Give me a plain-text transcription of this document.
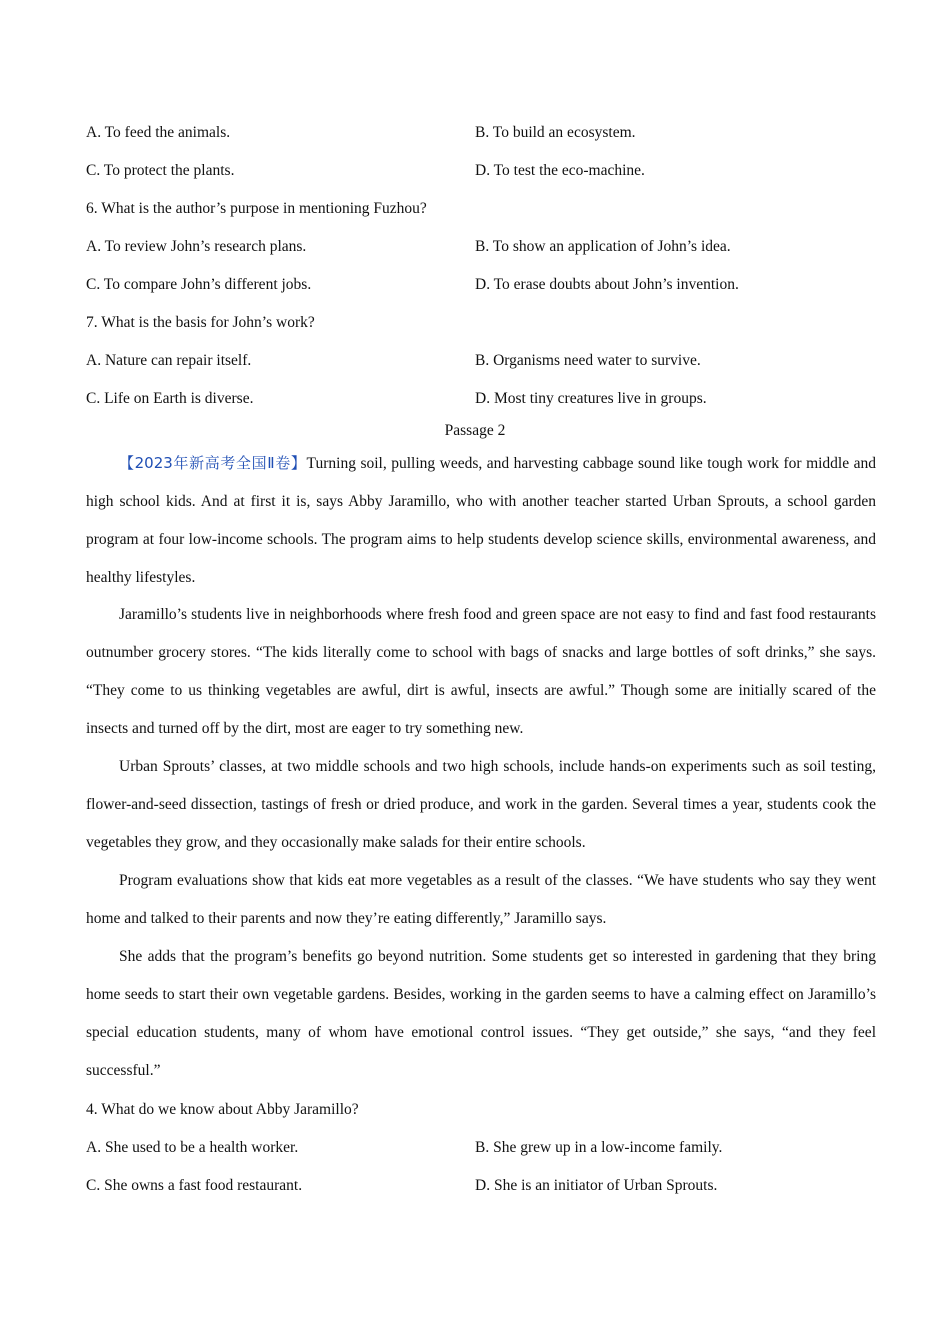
A. To feed the animals.	B. To build an ecosystem.
C. To protect the plants.	D. To test the eco-machine.
6. What is the author’s purpose in mentioning Fuzhou?
A. To review John’s research plans.	B. To show an application of John’s idea.
C. To compare John’s different jobs.	D. To erase doubts about John’s invention.
7. What is the basis for John’s work?
A. Nature can repair itself.	B. Organisms need water to survive.
C. Life on Earth is diverse.	D. Most tiny creatures live in groups.
Passage 2
【2023年新高考全国Ⅱ卷】Turning soil, pulling weeds, and harvesting cabbage sound like tough work for middle and high school kids. And at first it is, says Abby Jaramillo, who with another teacher started Urban Sprouts, a school garden program at four low-income schools. The program aims to help students develop science skills, environmental awareness, and healthy lifestyles.
Jaramillo’s students live in neighborhoods where fresh food and green space are not easy to find and fast food restaurants outnumber grocery stores. “The kids literally come to school with bags of snacks and large bottles of soft drinks,” she says. “They come to us thinking vegetables are awful, dirt is awful, insects are awful.” Though some are initially scared of the insects and turned off by the dirt, most are eager to try something new.
Urban Sprouts’ classes, at two middle schools and two high schools, include hands-on experiments such as soil testing, flower-and-seed dissection, tastings of fresh or dried produce, and work in the garden. Several times a year, students cook the vegetables they grow, and they occasionally make salads for their entire schools.
Program evaluations show that kids eat more vegetables as a result of the classes. “We have students who say they went home and talked to their parents and now they’re eating differently,” Jaramillo says.
She adds that the program’s benefits go beyond nutrition. Some students get so interested in gardening that they bring home seeds to start their own vegetable gardens. Besides, working in the garden seems to have a calming effect on Jaramillo’s special education students, many of whom have emotional control issues. “They get outside,” she says, “and they feel successful.”
4. What do we know about Abby Jaramillo?
A. She used to be a health worker.	B. She grew up in a low-income family.
C. She owns a fast food restaurant.	D. She is an initiator of Urban Sprouts.
